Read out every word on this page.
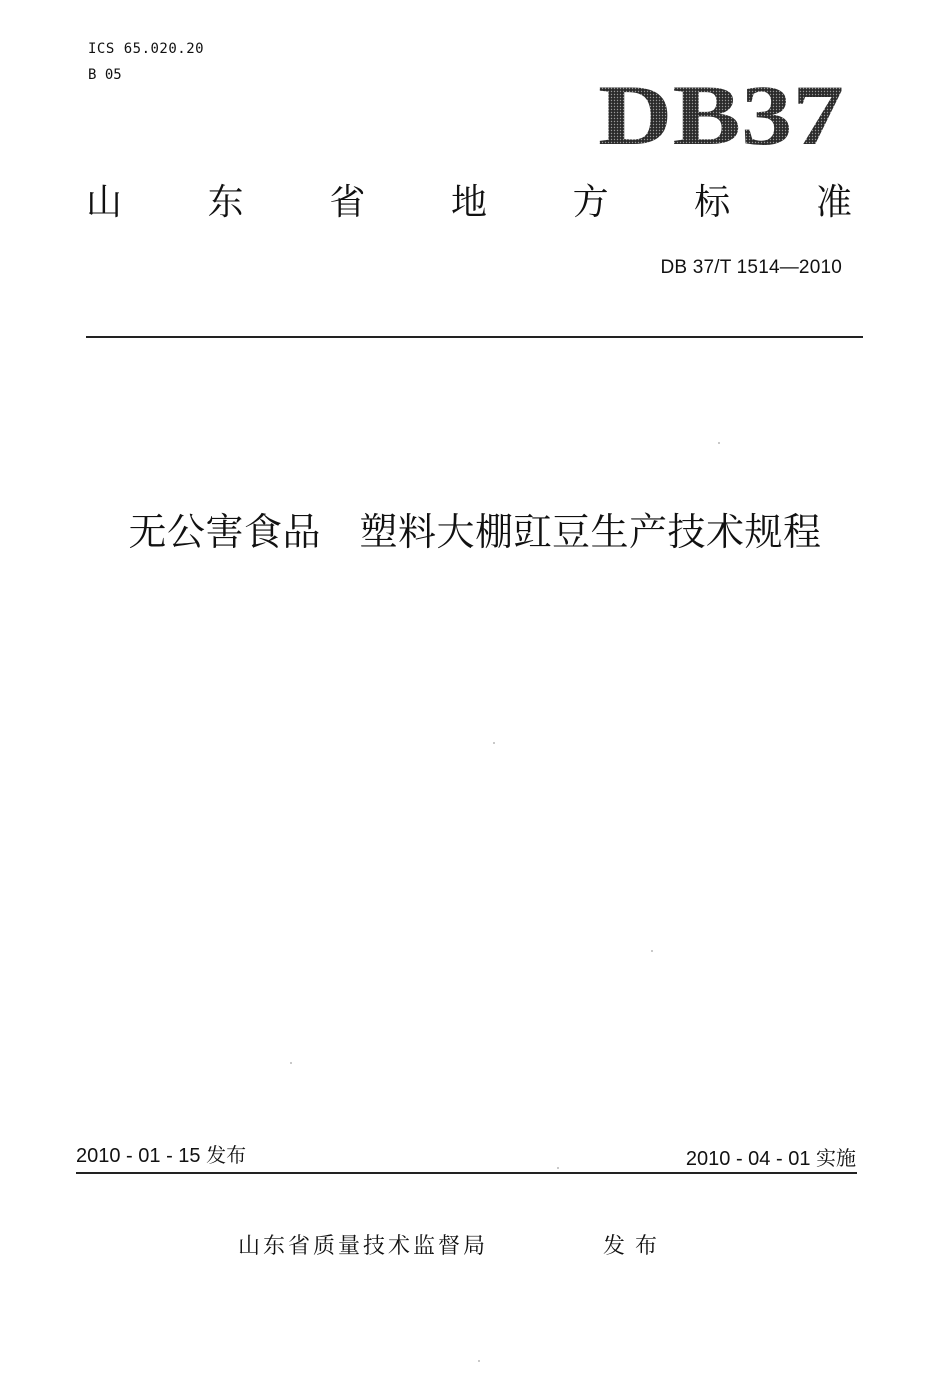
ICS 65.020.20
B 05	DB37
山 东 省 地 方 标 准
DB 37/T 1514—2010
无公害食品　塑料大棚豇豆生产技术规程
2010 - 01 - 15 发布	2010 - 04 - 01 实施
山东省质量技术监督局	发布
